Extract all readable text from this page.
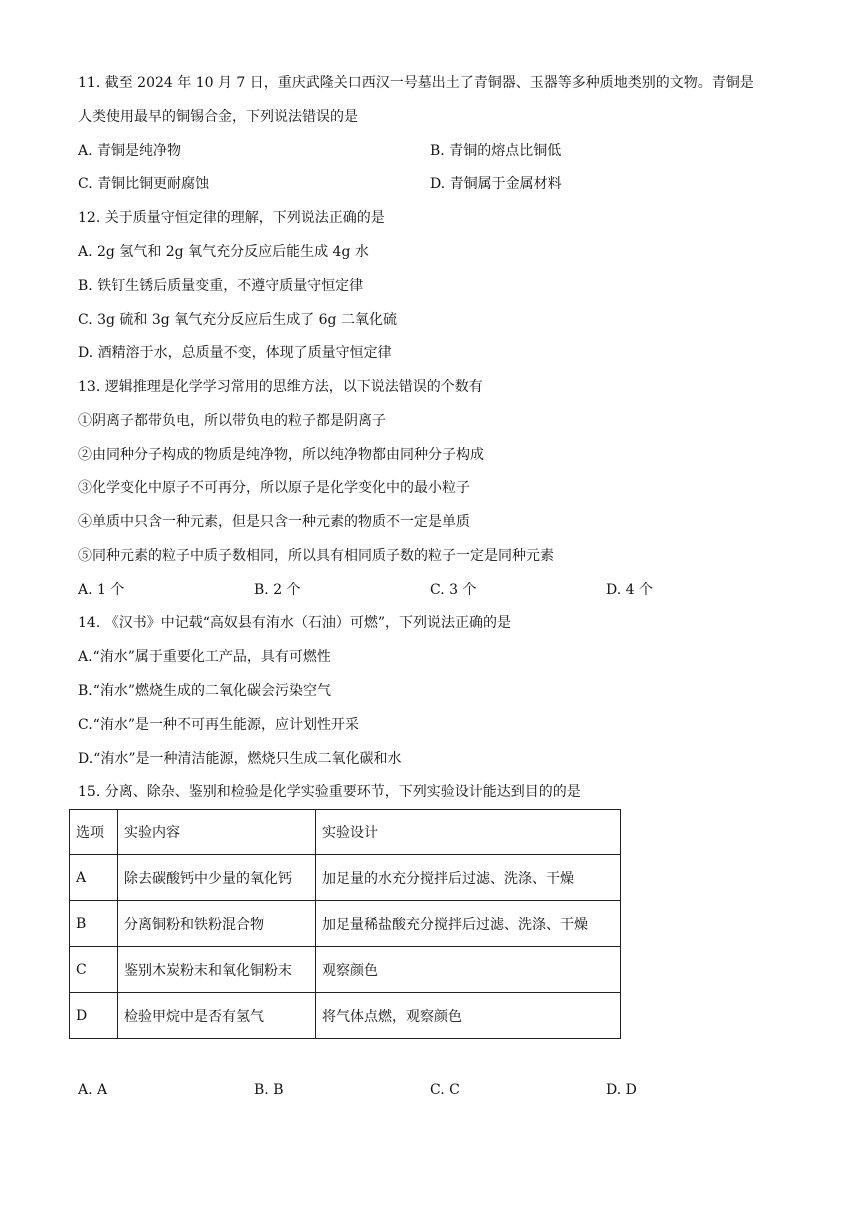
11. 截至 2024 年 10 月 7 日，重庆武隆关口西汉一号墓出土了青铜器、玉器等多种质地类别的文物。青铜是
人类使用最早的铜锡合金，下列说法错误的是
A. 青铜是纯净物	B. 青铜的熔点比铜低
C. 青铜比铜更耐腐蚀	D. 青铜属于金属材料
12. 关于质量守恒定律的理解，下列说法正确的是
A. 2g 氢气和 2g 氧气充分反应后能生成 4g 水
B. 铁钉生锈后质量变重，不遵守质量守恒定律
C. 3g 硫和 3g 氧气充分反应后生成了 6g 二氧化硫
D. 酒精溶于水，总质量不变，体现了质量守恒定律
13. 逻辑推理是化学学习常用的思维方法，以下说法错误的个数有
①阴离子都带负电，所以带负电的粒子都是阴离子
②由同种分子构成的物质是纯净物，所以纯净物都由同种分子构成
③化学变化中原子不可再分，所以原子是化学变化中的最小粒子
④单质中只含一种元素，但是只含一种元素的物质不一定是单质
⑤同种元素的粒子中质子数相同，所以具有相同质子数的粒子一定是同种元素
A. 1 个	B. 2 个	C. 3 个	D. 4 个
14. 《汉书》中记载“高奴县有洧水（石油）可燃”，下列说法正确的是
A.“洧水”属于重要化工产品，具有可燃性
B.“洧水”燃烧生成的二氧化碳会污染空气
C.“洧水”是一种不可再生能源，应计划性开采
D.“洧水”是一种清洁能源，燃烧只生成二氧化碳和水
15. 分离、除杂、鉴别和检验是化学实验重要环节，下列实验设计能达到目的的是
选项	实验内容	实验设计
A	除去碳酸钙中少量的氧化钙	加足量的水充分搅拌后过滤、洗涤、干燥
B	分离铜粉和铁粉混合物	加足量稀盐酸充分搅拌后过滤、洗涤、干燥
C	鉴别木炭粉末和氧化铜粉末	观察颜色
D	检验甲烷中是否有氢气	将气体点燃，观察颜色
A. A	B. B	C. C	D. D
